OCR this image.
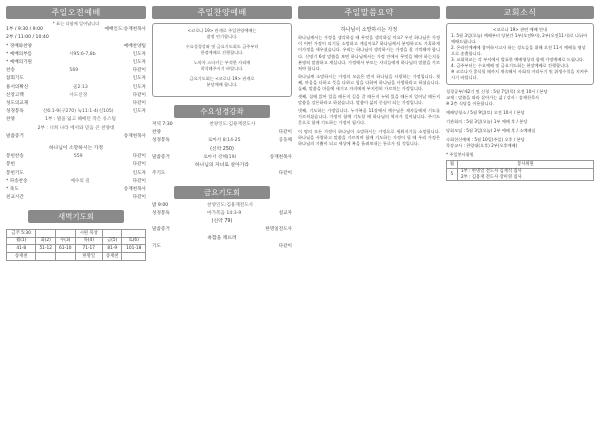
주일오전예배
* 표는 다함께 일어납니다
1부 / 9:30 / 9:00	예배인도:송재천목사
2부 / 11:00 / 10:40
* 경배와찬양	예배찬양팀
* 예배의부름	시95:6-7,8b	인도자
* 예배의기원	인도자
찬송	569	다같이
참회기도	인도자
용서의확신	골2:13	인도자
신앙고백	사도신경	다같이
성도의교제	다같이
성경봉독	신6:1-9(구270) 눅11:1-4(신105)	인도자
찬양	1부 : 빌을 잃고 헤매던 작은 유스팀
2부 : 너희 나라 에서와 믿음 큰 찬양대
말씀증거	송재천목사
하나님이 소망하시는 가정
봉헌찬송	559	다같이
봉헌	다같이
봉헌기도	인도자
* 파송찬송	예수의 길	다같이
* 축도	송재천목사
친교시간	다같이
새벽기도회
금주 5:30			시편 묵상		
월(1)	화(2)	수(3)	목(4)	금(5)	토(6)
41-8	51-12	61-10	71-17	81-9	101-18
송재천			한명일	송재천	
주일찬양예배
<코로나 19> 관계로 주일찬양예배는
잠정 연기합니다.
수요성경강좌 및 금요기도회도 금주부터
한정예배로 진행합니다.
노약자 스타키는 부적한 자리에
착석해주시기 바랍니다.
금요기도회는 <코로나 19> 관계로
분당예배 합니다.
수요성경강좌
저녁 7:30	찬양인도:김용재전도사
찬양	다같이
성경봉독	로마서 8:14-25	공동체
(신약 250)
말씀증거	로마서 강해(19)	송재천목사
하나님의 자녀로 살아가라
주기도	다같이
금요기도회
밤 9:00	찬양인도:김용재전도사
성경봉독	마가복음 14:3-9	설교자
(신약 79)
말씀증거	한명일전도사
옥합을 깨뜨려
기도	다같이
주일말씀요약
하나님이 소망하시는 가정

하나님께서는 가정을 생각하실 때 무엇을 생각하실 까요? 우선 하나님은 가정이 어떤 가정이 되기를 소망하고 계실까요? 하나님께서 분명하고도 가혹하게 이가정을 세우셨습니다. 우리는 하나님이 생각하시는 가정을 잘 기억해야 합니다. 신명기 6장 말씀을 보면 하나님께서는 가정 안에서 무엇을 해야 하는지를 분명히 말씀하고 계십니다. 가정에서 부모는 자녀들에게 하나님의 말씀을 가르쳐야 합니다.

하나님께 소망하시는 가정의 모습은 먼저 하나님을 사랑하는 가정입니다. 첫째, 마음을 다하고 뜻을 다하고 힘을 다하여 하나님을 사랑하라고 하셨습니다. 둘째, 말씀을 마음에 새기고 자녀에게 부지런히 가르치는 가정입니다.

셋째, 집에 앉아 있을 때든지 길을 갈 때든지 누워 있을 때든지 일어날 때든지 말씀을 강론하라고 하셨습니다. 말씀이 삶의 중심이 되는 가정입니다.

넷째, 기도하는 가정입니다. 누가복음 11장에서 예수님은 제자들에게 기도를 가르치셨습니다. 가정이 함께 기도할 때 하나님의 역사가 일어납니다. 주기도문으로 함께 기도하는 가정이 됩시다.

이 땅의 모든 가정이 하나님이 소망하시는 가정으로 세워지기를 소망합니다. 하나님을 사랑하고 말씀을 가르치며 함께 기도하는 가정이 될 때 우리 가정은 하나님의 기쁨이 되고 세상에 복을 흘려보내는 통로가 될 것입니다.

교회소식
<코로나 19> 관련 예배 안내
1. 5월 3일(오늘) 예배부터 당분간 1부(오전9시), 2부(오전11시)로 나뉘어 예배드립니다.
2. 온라인예배에 참여하시고자 하는 성도들을 위해 오전 11시 예배를 영상으로 송출합니다.
3. 교회학교는 각 부서에서 발표한 예배영상과 함께 가정예배로 드립니다.
4. 금주부터는 수요예배 및 금요기도회는 현장예배로 진행합니다.
※ 코로나가 종식될 때까지 계속해서 사회적 거리두기 및 위생수칙을 지켜주시기 바랍니다.
성경공부/제2기 및 신청 : 5월 7일(목) 오전 10시 / 본당
교재 : 말씀을 따라 살아가는 삶 / 강사 : 송재천목사
※ 2층 식당을 이용합니다.
예배당청소 / 5월 9일(토) 오전 10시 / 본당
기관회의 : 5월 3일(오늘) 1부 예배 후 / 본당
당회모임 : 5월 3일(오늘) 2부 예배 후 / 소예배실
속회헌신예배 : 5월 10일(주일) 오후 / 본당
목장교사 : 찬양대(오후) 2부(오후예배)
* 주일봉사위원
월	봉사위원
5	1부 : 한명일 전도사 김재석 집사
2부 : 김용재 전도사 장미영 집사
